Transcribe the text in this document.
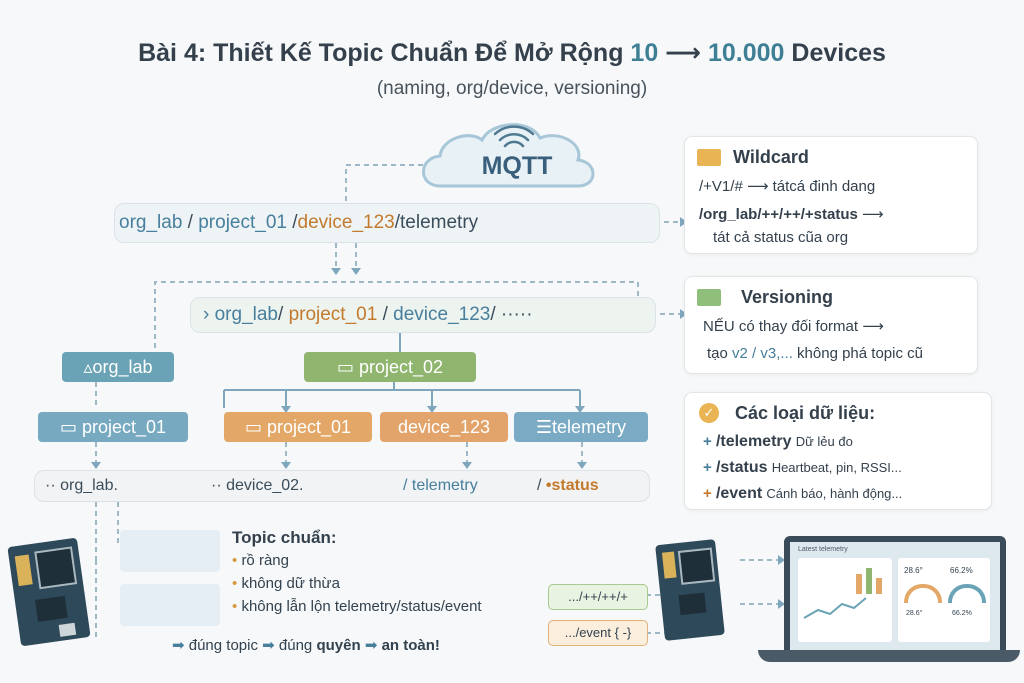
Bài 4: Thiết Kế Topic Chuẩn Để Mở Rộng 10 ⟶ 10.000 Devices
(naming, org/device, versioning)
MQTT
org_lab / project_01 /device_123/telemetry
› org_lab/ project_01 / device_123/ ·····
▵org_lab	▭ project_02
▭ project_01	▭ project_01	device_123	☰telemetry
·· org_lab.	·· device_02.	/ telemetry	/ •status
Wildcard
/+V1/# ⟶ tátcá đinh dang
/org_lab/++/++/+status ⟶
tát cả status cũa org
Versioning
NẾU có thay đối format ⟶
tạo v2 / v3,... không phá topic cũ
✓ Các loại dữ liệu:
+ /telemetry Dữ lẻu đo
+ /status Heartbeat, pin, RSSI...
+ /event Cánh báo, hành động...
Topic chuẩn:
• rồ ràng
• không dữ thừa
• không lẫn lộn telemetry/status/event
➡ đúng topic ➡ đúng quyên ➡ an toàn!
.../++/++/+
.../event { -}
Latest telemetry
28.6°	66.2%
28.6°	66.2%
